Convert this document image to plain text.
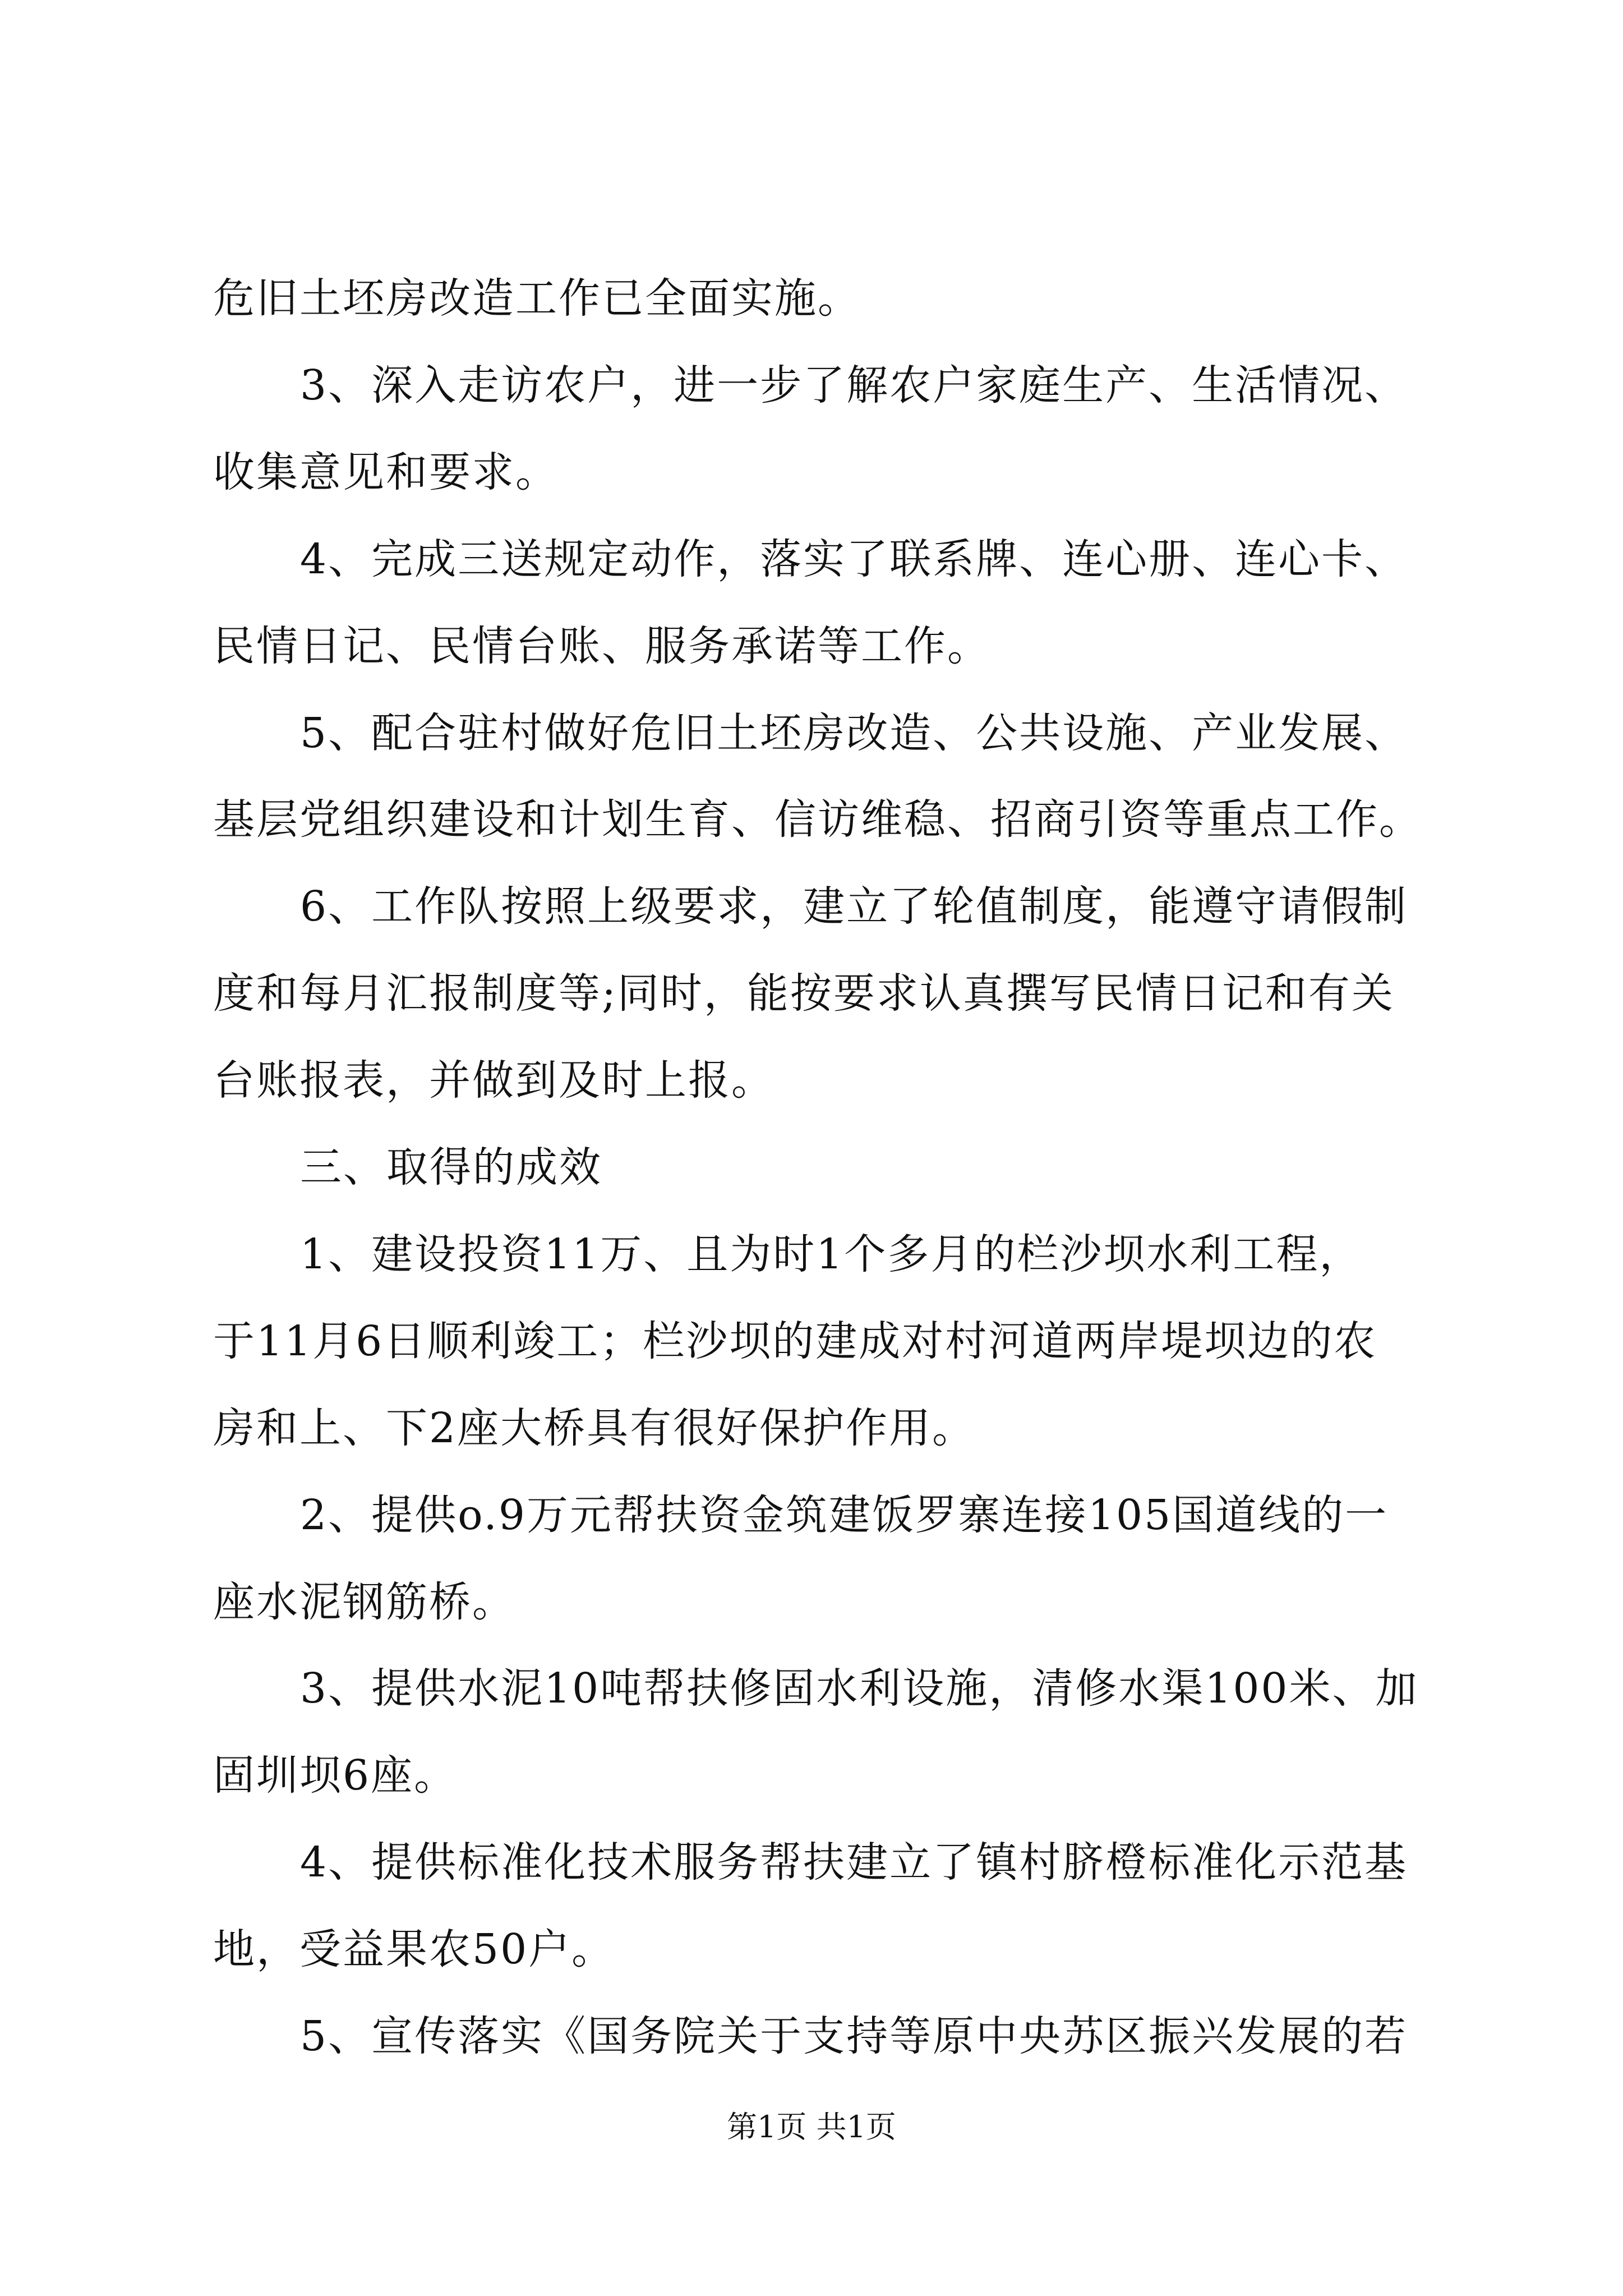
危旧土坯房改造工作已全面实施。
3、深入走访农户，进一步了解农户家庭生产、生活情况、
收集意见和要求。
4、完成三送规定动作，落实了联系牌、连心册、连心卡、
民情日记、民情台账、服务承诺等工作。
5、配合驻村做好危旧土坯房改造、公共设施、产业发展、
基层党组织建设和计划生育、信访维稳、招商引资等重点工作。
6、工作队按照上级要求，建立了轮值制度，能遵守请假制
度和每月汇报制度等;同时，能按要求认真撰写民情日记和有关
台账报表，并做到及时上报。
三、取得的成效
1、建设投资11万、且为时1个多月的栏沙坝水利工程，
于11月6日顺利竣工；栏沙坝的建成对村河道两岸堤坝边的农
房和上、下2座大桥具有很好保护作用。
2、提供o.9万元帮扶资金筑建饭罗寨连接105国道线的一
座水泥钢筋桥。
3、提供水泥10吨帮扶修固水利设施，清修水渠100米、加
固圳坝6座。
4、提供标准化技术服务帮扶建立了镇村脐橙标准化示范基
地，受益果农50户。
5、宣传落实《国务院关于支持等原中央苏区振兴发展的若
第1页 共1页
